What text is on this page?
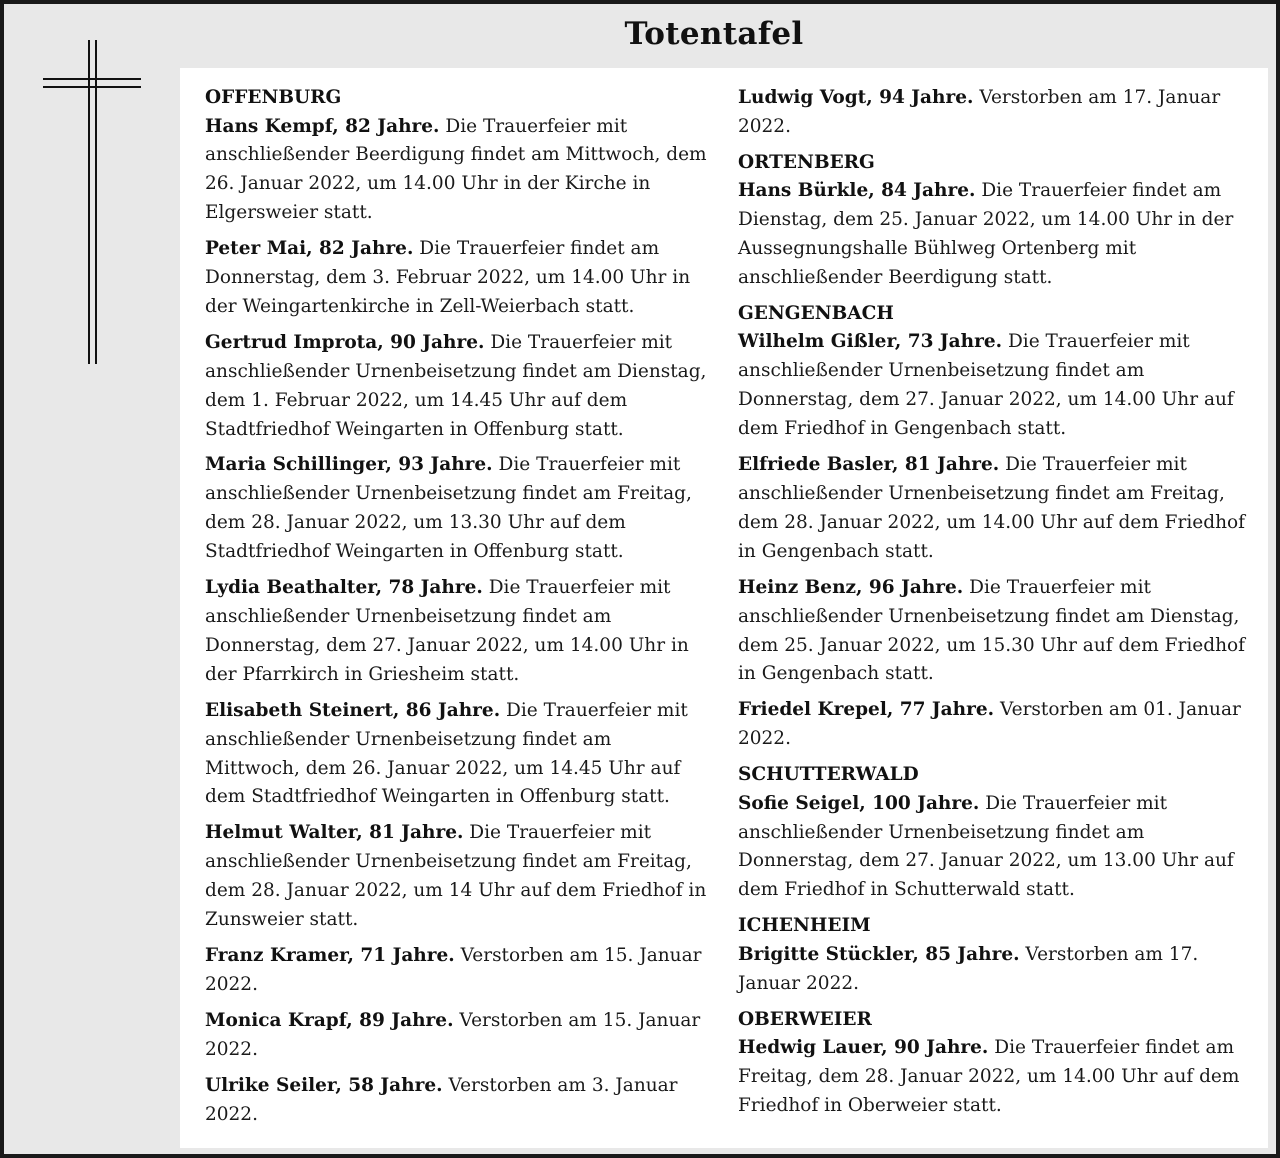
Totentafel
OFFENBURG
Hans Kempf, 82 Jahre. Die Trauerfeier mit anschließender Beerdigung findet am Mittwoch, dem 26. Januar 2022, um 14.00 Uhr in der Kirche in Elgersweier statt.
Peter Mai, 82 Jahre. Die Trauerfeier findet am Donnerstag, dem 3. Februar 2022, um 14.00 Uhr in der Weingartenkirche in Zell-Weierbach statt.
Gertrud Improta, 90 Jahre. Die Trauerfeier mit anschließender Urnenbeisetzung findet am Dienstag, dem 1. Februar 2022, um 14.45 Uhr auf dem Stadtfriedhof Weingarten in Offenburg statt.
Maria Schillinger, 93 Jahre. Die Trauerfeier mit anschließender Urnenbeisetzung findet am Freitag, dem 28. Januar 2022, um 13.30 Uhr auf dem Stadtfriedhof Weingarten in Offenburg statt.
Lydia Beathalter, 78 Jahre. Die Trauerfeier mit anschließender Urnenbeisetzung findet am Donnerstag, dem 27. Januar 2022, um 14.00 Uhr in der Pfarrkirch in Griesheim statt.
Elisabeth Steinert, 86 Jahre. Die Trauerfeier mit anschließender Urnenbeisetzung findet am Mittwoch, dem 26. Januar 2022, um 14.45 Uhr auf dem Stadtfriedhof Weingarten in Offenburg statt.
Helmut Walter, 81 Jahre. Die Trauerfeier mit anschließender Urnenbeisetzung findet am Freitag, dem 28. Januar 2022, um 14 Uhr auf dem Friedhof in Zunsweier statt.
Franz Kramer, 71 Jahre. Verstorben am 15. Januar 2022.
Monica Krapf, 89 Jahre. Verstorben am 15. Januar 2022.
Ulrike Seiler, 58 Jahre. Verstorben am 3. Januar 2022.
Ludwig Vogt, 94 Jahre. Verstorben am 17. Januar 2022.
ORTENBERG
Hans Bürkle, 84 Jahre. Die Trauerfeier findet am Dienstag, dem 25. Januar 2022, um 14.00 Uhr in der Aussegnungshalle Bühlweg Ortenberg mit anschließender Beerdigung statt.
GENGENBACH
Wilhelm Gißler, 73 Jahre. Die Trauerfeier mit anschließender Urnenbeisetzung findet am Donnerstag, dem 27. Januar 2022, um 14.00 Uhr auf dem Friedhof in Gengenbach statt.
Elfriede Basler, 81 Jahre. Die Trauerfeier mit anschließender Urnenbeisetzung findet am Freitag, dem 28. Januar 2022, um 14.00 Uhr auf dem Friedhof in Gengenbach statt.
Heinz Benz, 96 Jahre. Die Trauerfeier mit anschließender Urnenbeisetzung findet am Dienstag, dem 25. Januar 2022, um 15.30 Uhr auf dem Friedhof in Gengenbach statt.
Friedel Krepel, 77 Jahre. Verstorben am 01. Januar 2022.
SCHUTTERWALD
Sofie Seigel, 100 Jahre. Die Trauerfeier mit anschließender Urnenbeisetzung findet am Donnerstag, dem 27. Januar 2022, um 13.00 Uhr auf dem Friedhof in Schutterwald statt.
ICHENHEIM
Brigitte Stückler, 85 Jahre. Verstorben am 17. Januar 2022.
OBERWEIER
Hedwig Lauer, 90 Jahre. Die Trauerfeier findet am Freitag, dem 28. Januar 2022, um 14.00 Uhr auf dem Friedhof in Oberweier statt.
